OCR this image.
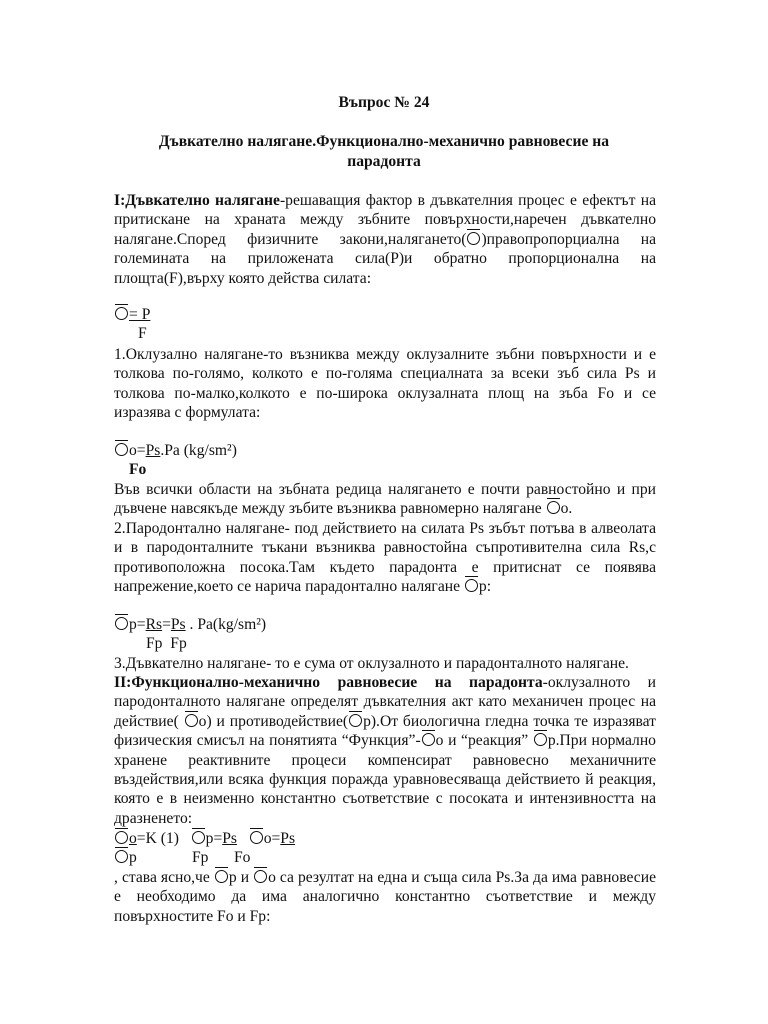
Въпрос № 24
Дъвкателно налягане.Функционално-механично равновесие на
парадонта
I:Дъвкателно налягане-решаващия фактор в дъвкателния процес е ефектът на притискане на храната между зъбните повърхности,наречен дъвкателно налягане.Според физичните закони,налягането( )правопропорциална на големината на приложената сила(P)и обратно пропорционална на площта(F),върху която действа силата:
= P
F
1.Оклузално налягане-то възниква между оклузалните зъбни повърхности и е толкова по-голямо, колкото е по-голяма специалната за всеки зъб сила Ps и толкова по-малко,колкото е по-широка оклузалната площ на зъба Fo и се изразява с формулата:
o=Ps.Pa (kg/sm²)
Fo
Във всички области на зъбната редица налягането е почти равностойно и при дъвчене навсякъде между зъбите възниква равномерно налягане o.
2.Пародонтално налягане- под действието на силата Ps зъбът потъва в алвеолата и в пародонталните тъкани възниква равностойна съпротивителна сила Rs,с противоположна посока.Там където парадонта е притиснат се появява напрежение,което се нарича парадонтално налягане p:
p=Rs=Ps . Pa(kg/sm²)
Fp  Fp
3.Дъвкателно налягане- то е сума от оклузалното и парадонталното налягане.
II:Функционално-механично равновесие на парадонта-оклузалното и пародонталното налягане определят дъвкателния акт като механичен процес на действие( o) и противодействие( p).От биологична гледна точка те изразяват физическия смисъл на понятията “Функция”- o и “реакция” p.При нормално хранене реактивните процеси компенсират равновесно механичните въздействия,или всяка функция поражда уравновесяваща действието й реакция, която е в неизменно константно съответствие с посоката и интензивността на дразненето:
o=K (1) p=Ps o=Ps
p	Fp Fo
, става ясно,че p и o са резултат на една и съща сила Ps.За да има равновесие е необходимо да има аналогично константно съответствие и между повърхностите Fo и Fp:
